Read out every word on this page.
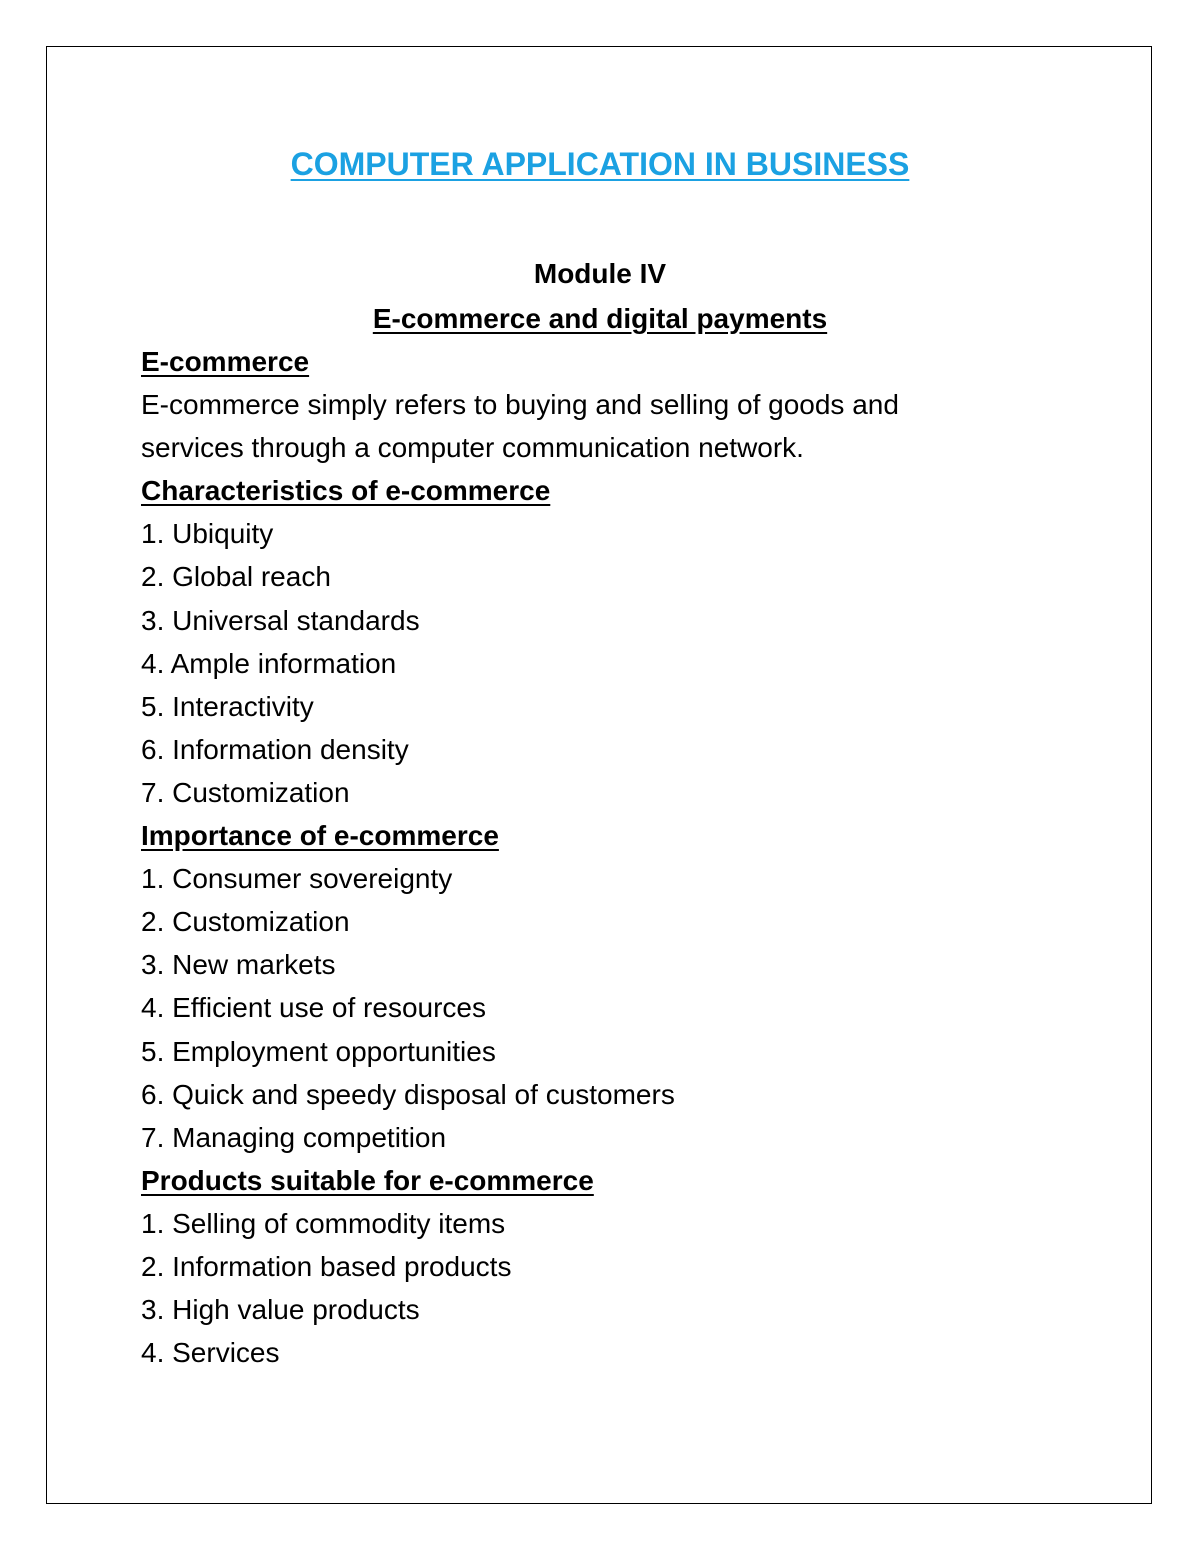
COMPUTER APPLICATION IN BUSINESS
Module IV
E-commerce and digital payments
E-commerce
E-commerce simply refers to buying and selling of goods and
services through a computer communication network.
Characteristics of e-commerce
1. Ubiquity
2. Global reach
3. Universal standards
4. Ample information
5. Interactivity
6. Information density
7. Customization
Importance of e-commerce
1. Consumer sovereignty
2. Customization
3. New markets
4. Efficient use of resources
5. Employment opportunities
6. Quick and speedy disposal of customers
7. Managing competition
Products suitable for e-commerce
1. Selling of commodity items
2. Information based products
3. High value products
4. Services
